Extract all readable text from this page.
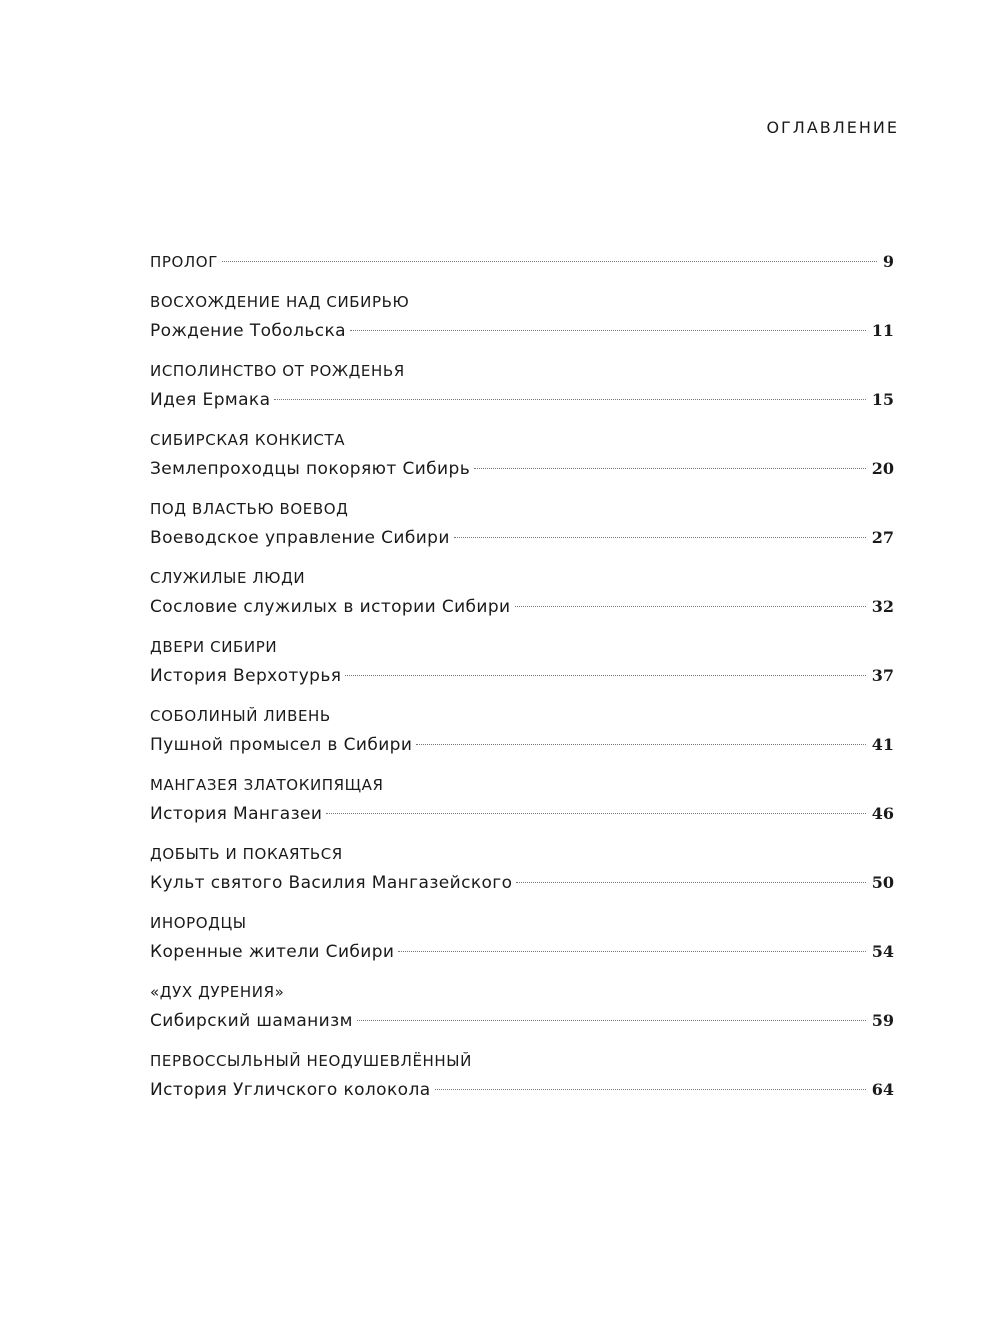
ОГЛАВЛЕНИЕ
ПРОЛОГ	9
ВОСХОЖДЕНИЕ НАД СИБИРЬЮ
Рождение Тобольска	11
ИСПОЛИНСТВО ОТ РОЖДЕНЬЯ
Идея Ермака	15
СИБИРСКАЯ КОНКИСТА
Землепроходцы покоряют Сибирь	20
ПОД ВЛАСТЬЮ ВОЕВОД
Воеводское управление Сибири	27
СЛУЖИЛЫЕ ЛЮДИ
Сословие служилых в истории Сибири	32
ДВЕРИ СИБИРИ
История Верхотурья	37
СОБОЛИНЫЙ ЛИВЕНЬ
Пушной промысел в Сибири	41
МАНГАЗЕЯ ЗЛАТОКИПЯЩАЯ
История Мангазеи	46
ДОБЫТЬ И ПОКАЯТЬСЯ
Культ святого Василия Мангазейского	50
ИНОРОДЦЫ
Коренные жители Сибири	54
«ДУХ ДУРЕНИЯ»
Сибирский шаманизм	59
ПЕРВОССЫЛЬНЫЙ НЕОДУШЕВЛЁННЫЙ
История Угличского колокола	64
